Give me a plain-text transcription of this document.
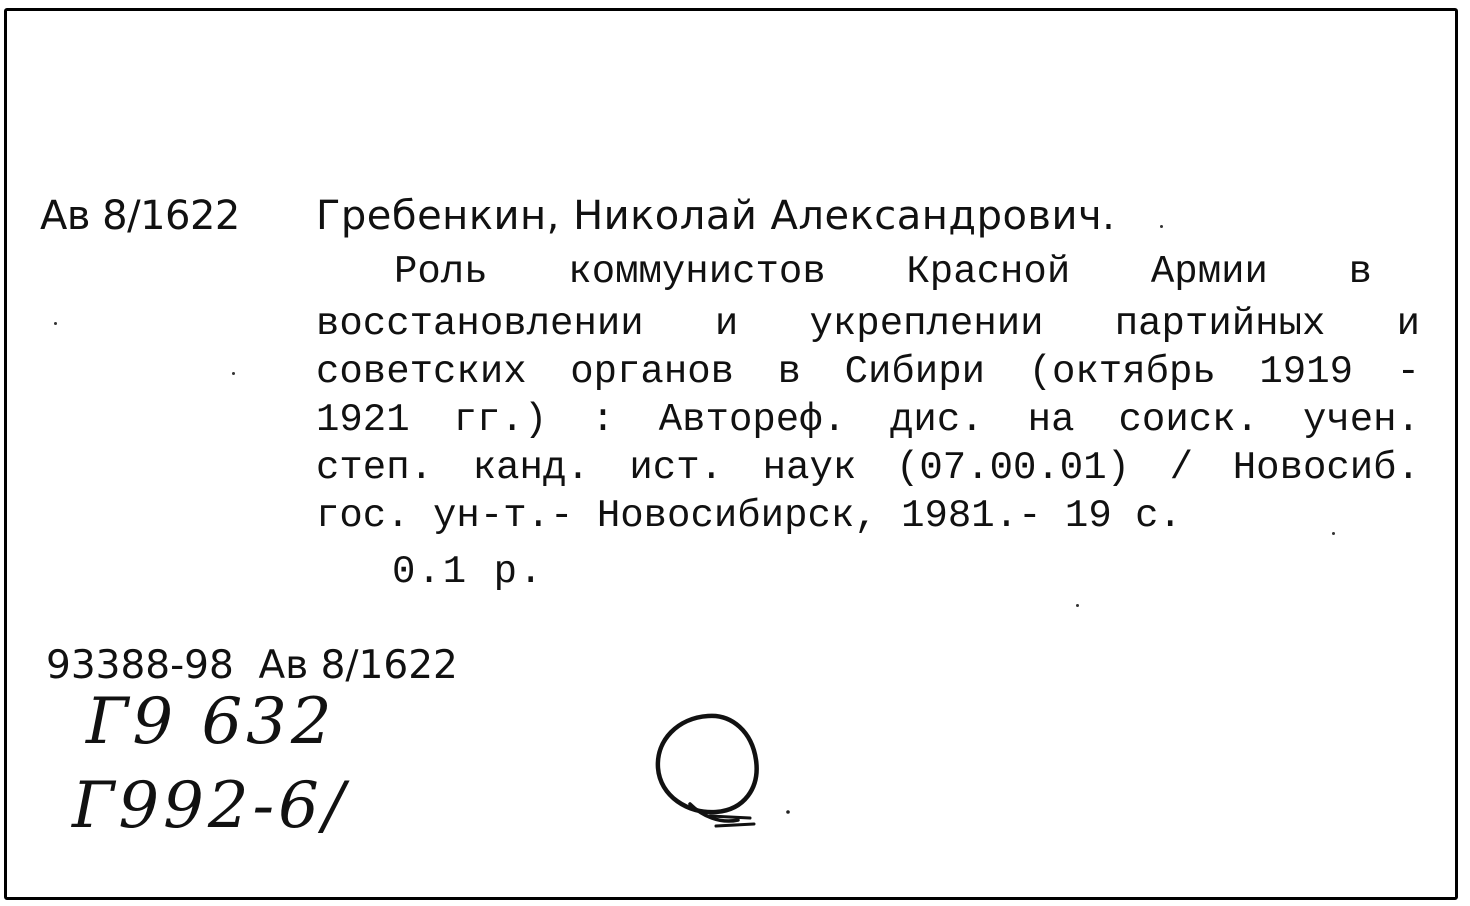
Ав 8/1622 Гребенкин, Николай Александрович.
Роль коммунистов Красной Армии в
восстановлении и укреплении партийных и
советских органов в Сибири (октябрь 1919 -
1921 гг.) : Автореф. дис. на соиск. учен.
степ. канд. ист. наук (07.00.01) / Новосиб.
гос. ун-т.- Новосибирск, 1981.- 19 с.
0.1 р.
93388-98  Ав 8/1622
Г9 632
Г992-6/
